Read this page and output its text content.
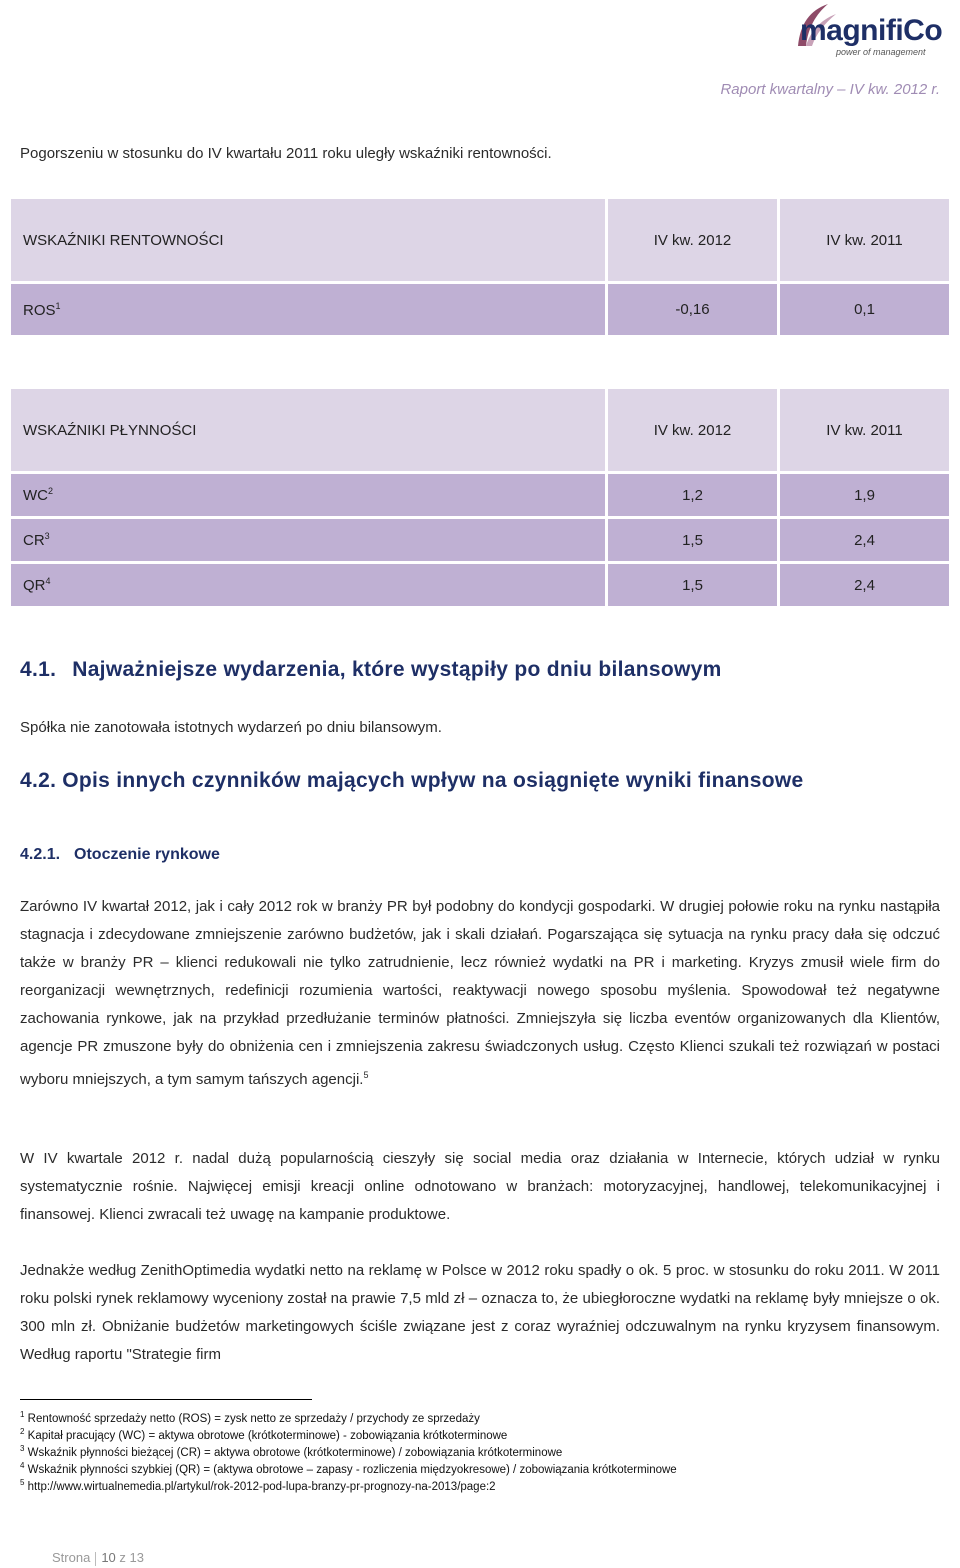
magnifiCo
power of management
Raport kwartalny – IV kw. 2012 r.
Pogorszeniu w stosunku do IV kwartału 2011 roku uległy wskaźniki rentowności.
WSKAŹNIKI RENTOWNOŚCI	IV kw. 2012	IV kw. 2011
ROS$^1$	-0,16	0,1
WSKAŹNIKI PŁYNNOŚCI	IV kw. 2012	IV kw. 2011
$WC^2$	1,2	1,9
$CR^3$	1,5	2,4
$QR^4$	1,5	2,4
4.1. Najważniejsze wydarzenia, które wystąpiły po dniu bilansowym
Spółka nie zanotowała istotnych wydarzeń po dniu bilansowym.
4.2. Opis innych czynników mających wpływ na osiągnięte wyniki finansowe
4.2.1. Otoczenie rynkowe
Zarówno IV kwartał 2012, jak i cały 2012 rok w branży PR był podobny do kondycji gospodarki. W drugiej połowie roku na rynku nastąpiła stagnacja i zdecydowane zmniejszenie zarówno budżetów, jak i skali działań. Pogarszająca się sytuacja na rynku pracy dała się odczuć także w branży PR – klienci redukowali nie tylko zatrudnienie, lecz również wydatki na PR i marketing. Kryzys zmusił wiele firm do reorganizacji wewnętrznych, redefinicji rozumienia wartości, reaktywacji nowego sposobu myślenia. Spowodował też negatywne zachowania rynkowe, jak na przykład przedłużanie terminów płatności. Zmniejszyła się liczba eventów organizowanych dla Klientów, agencje PR zmuszone były do obniżenia cen i zmniejszenia zakresu świadczonych usług. Często Klienci szukali też rozwiązań w postaci wyboru mniejszych, a tym samym tańszych agencji.$^5$
W IV kwartale 2012 r. nadal dużą popularnością cieszyły się social media oraz działania w Internecie, których udział w rynku systematycznie rośnie. Najwięcej emisji kreacji online odnotowano w branżach: motoryzacyjnej, handlowej, telekomunikacyjnej i finansowej. Klienci zwracali też uwagę na kampanie produktowe.
Jednakże według ZenithOptimedia wydatki netto na reklamę w Polsce w 2012 roku spadły o ok. 5 proc. w stosunku do roku 2011. W 2011 roku polski rynek reklamowy wyceniony został na prawie 7,5 mld zł – oznacza to, że ubiegłoroczne wydatki na reklamę były mniejsze o ok. 300 mln zł. Obniżanie budżetów marketingowych ściśle związane jest z coraz wyraźniej odczuwalnym na rynku kryzysem finansowym. Według raportu "Strategie firm
$^1$ Rentowność sprzedaży netto (ROS) = zysk netto ze sprzedaży / przychody ze sprzedaży
$^2$ Kapitał pracujący (WC) = aktywa obrotowe (krótkoterminowe) - zobowiązania krótkoterminowe
$^3$ Wskaźnik płynności bieżącej (CR) = aktywa obrotowe (krótkoterminowe) / zobowiązania krótkoterminowe
$^4$ Wskaźnik płynności szybkiej (QR) = (aktywa obrotowe – zapasy - rozliczenia międzyokresowe) / zobowiązania krótkoterminowe
$^5$ http://www.wirtualnemedia.pl/artykul/rok-2012-pod-lupa-branzy-pr-prognozy-na-2013/page:2
Strona 10 z 13
